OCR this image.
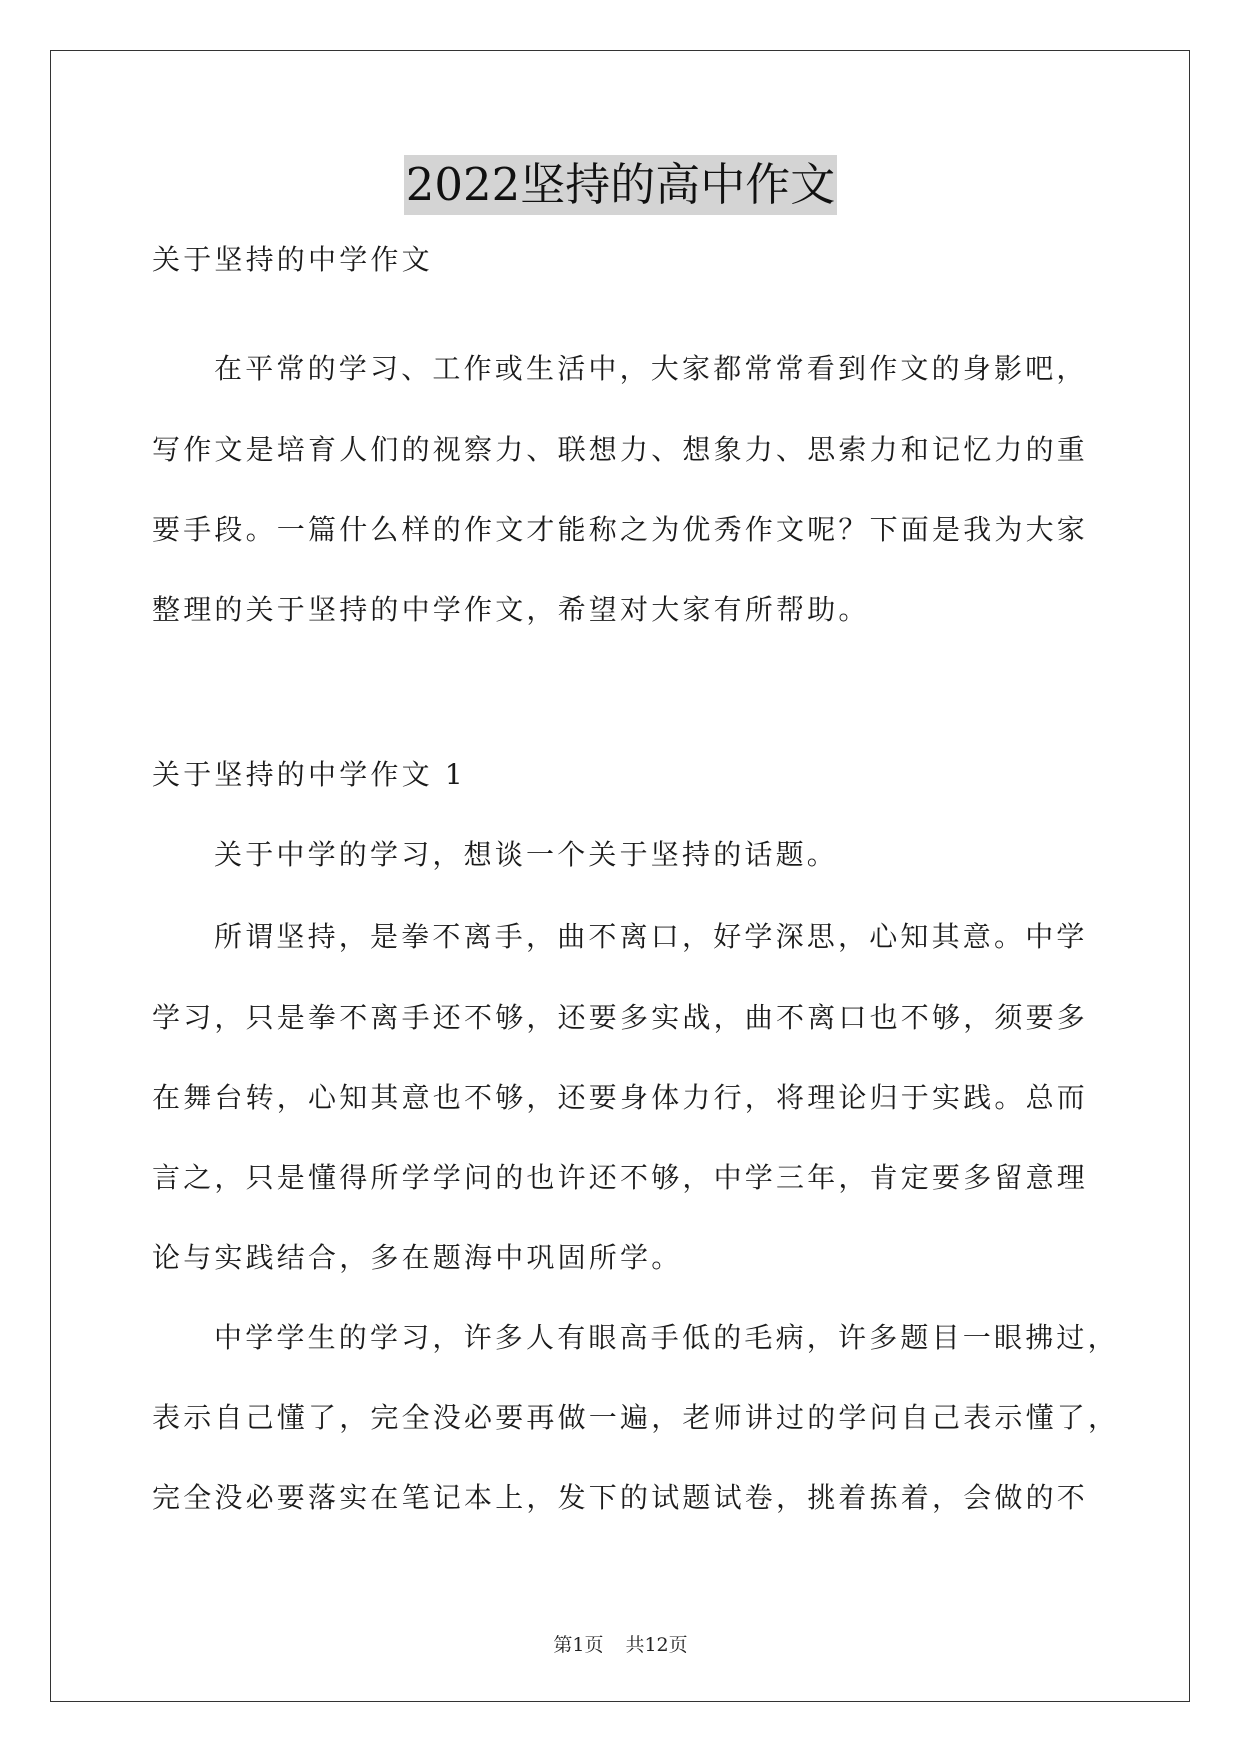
2022坚持的高中作文
关于坚持的中学作文
在平常的学习、工作或生活中，大家都常常看到作文的身影吧，
写作文是培育人们的视察力、联想力、想象力、思索力和记忆力的重
要手段。一篇什么样的作文才能称之为优秀作文呢？下面是我为大家
整理的关于坚持的中学作文，希望对大家有所帮助。
关于坚持的中学作文 1
关于中学的学习，想谈一个关于坚持的话题。
所谓坚持，是拳不离手，曲不离口，好学深思，心知其意。中学
学习，只是拳不离手还不够，还要多实战，曲不离口也不够，须要多
在舞台转，心知其意也不够，还要身体力行，将理论归于实践。总而
言之，只是懂得所学学问的也许还不够，中学三年，肯定要多留意理
论与实践结合，多在题海中巩固所学。
中学学生的学习，许多人有眼高手低的毛病，许多题目一眼拂过，
表示自己懂了，完全没必要再做一遍，老师讲过的学问自己表示懂了，
完全没必要落实在笔记本上，发下的试题试卷，挑着拣着，会做的不
第1页 共12页
